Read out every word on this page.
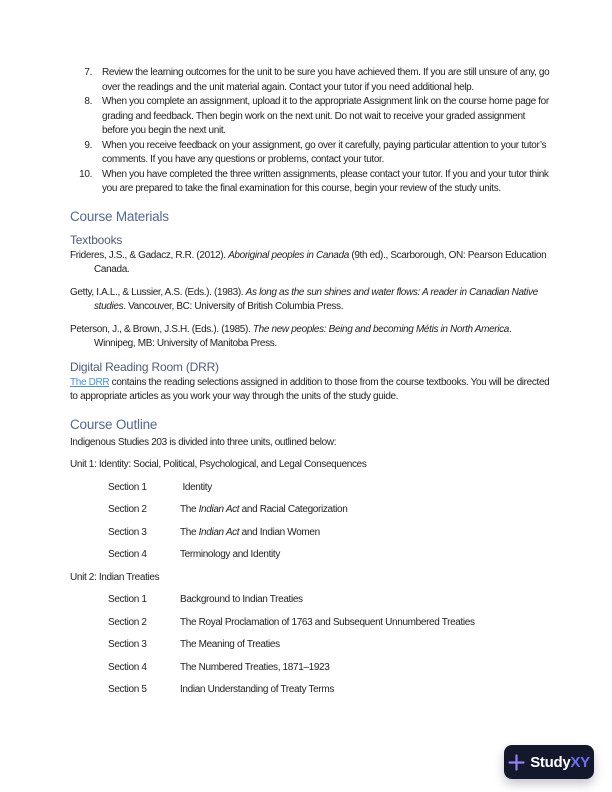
7. Review the learning outcomes for the unit to be sure you have achieved them. If you are still unsure of any, go over the readings and the unit material again. Contact your tutor if you need additional help.
8. When you complete an assignment, upload it to the appropriate Assignment link on the course home page for grading and feedback. Then begin work on the next unit. Do not wait to receive your graded assignment before you begin the next unit.
9. When you receive feedback on your assignment, go over it carefully, paying particular attention to your tutor’s comments. If you have any questions or problems, contact your tutor.
10. When you have completed the three written assignments, please contact your tutor. If you and your tutor think you are prepared to take the final examination for this course, begin your review of the study units.
Course Materials
Textbooks

Frideres, J.S., & Gadacz, R.R. (2012). Aboriginal peoples in Canada (9th ed)., Scarborough, ON: Pearson Education Canada.

Getty, I.A.L., & Lussier, A.S. (Eds.). (1983). As long as the sun shines and water flows: A reader in Canadian Native studies. Vancouver, BC: University of British Columbia Press.

Peterson, J., & Brown, J.S.H. (Eds.). (1985). The new peoples: Being and becoming Métis in North America. Winnipeg, MB: University of Manitoba Press.

Digital Reading Room (DRR)

The DRR contains the reading selections assigned in addition to those from the course textbooks. You will be directed to appropriate articles as you work your way through the units of the study guide.

Course Outline

Indigenous Studies 203 is divided into three units, outlined below:

Unit 1: Identity: Social, Political, Psychological, and Legal Consequences

Section 1	Identity
Section 2	The Indian Act and Racial Categorization
Section 3	The Indian Act and Indian Women
Section 4	Terminology and Identity

Unit 2: Indian Treaties

Section 1	Background to Indian Treaties
Section 2	The Royal Proclamation of 1763 and Subsequent Unnumbered Treaties
Section 3	The Meaning of Treaties
Section 4	The Numbered Treaties, 1871–1923
Section 5	Indian Understanding of Treaty Terms
StudyXY
